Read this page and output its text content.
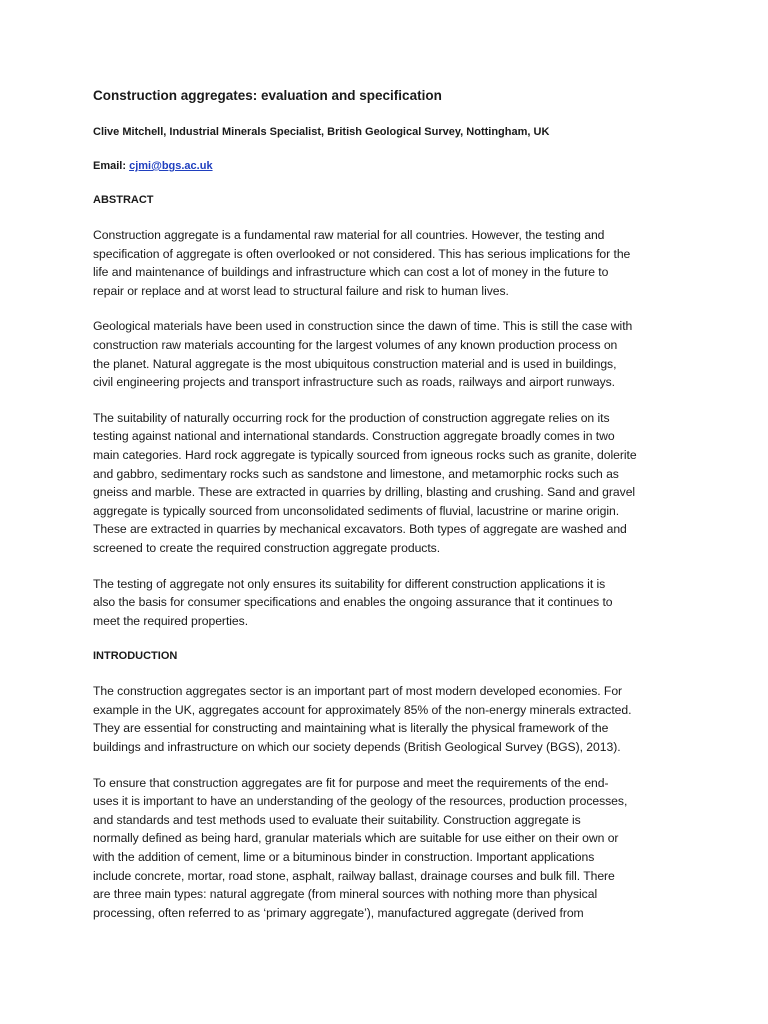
Construction aggregates: evaluation and specification
Clive Mitchell, Industrial Minerals Specialist, British Geological Survey, Nottingham, UK
Email: cjmi@bgs.ac.uk
ABSTRACT
Construction aggregate is a fundamental raw material for all countries. However, the testing and
specification of aggregate is often overlooked or not considered. This has serious implications for the
life and maintenance of buildings and infrastructure which can cost a lot of money in the future to
repair or replace and at worst lead to structural failure and risk to human lives.
Geological materials have been used in construction since the dawn of time. This is still the case with
construction raw materials accounting for the largest volumes of any known production process on
the planet. Natural aggregate is the most ubiquitous construction material and is used in buildings,
civil engineering projects and transport infrastructure such as roads, railways and airport runways.
The suitability of naturally occurring rock for the production of construction aggregate relies on its
testing against national and international standards. Construction aggregate broadly comes in two
main categories. Hard rock aggregate is typically sourced from igneous rocks such as granite, dolerite
and gabbro, sedimentary rocks such as sandstone and limestone, and metamorphic rocks such as
gneiss and marble. These are extracted in quarries by drilling, blasting and crushing. Sand and gravel
aggregate is typically sourced from unconsolidated sediments of fluvial, lacustrine or marine origin.
These are extracted in quarries by mechanical excavators. Both types of aggregate are washed and
screened to create the required construction aggregate products.
The testing of aggregate not only ensures its suitability for different construction applications it is
also the basis for consumer specifications and enables the ongoing assurance that it continues to
meet the required properties.
INTRODUCTION
The construction aggregates sector is an important part of most modern developed economies. For
example in the UK, aggregates account for approximately 85% of the non-energy minerals extracted.
They are essential for constructing and maintaining what is literally the physical framework of the
buildings and infrastructure on which our society depends (British Geological Survey (BGS), 2013).
To ensure that construction aggregates are fit for purpose and meet the requirements of the end-
uses it is important to have an understanding of the geology of the resources, production processes,
and standards and test methods used to evaluate their suitability. Construction aggregate is
normally defined as being hard, granular materials which are suitable for use either on their own or
with the addition of cement, lime or a bituminous binder in construction. Important applications
include concrete, mortar, road stone, asphalt, railway ballast, drainage courses and bulk fill. There
are three main types: natural aggregate (from mineral sources with nothing more than physical
processing, often referred to as ‘primary aggregate’), manufactured aggregate (derived from
